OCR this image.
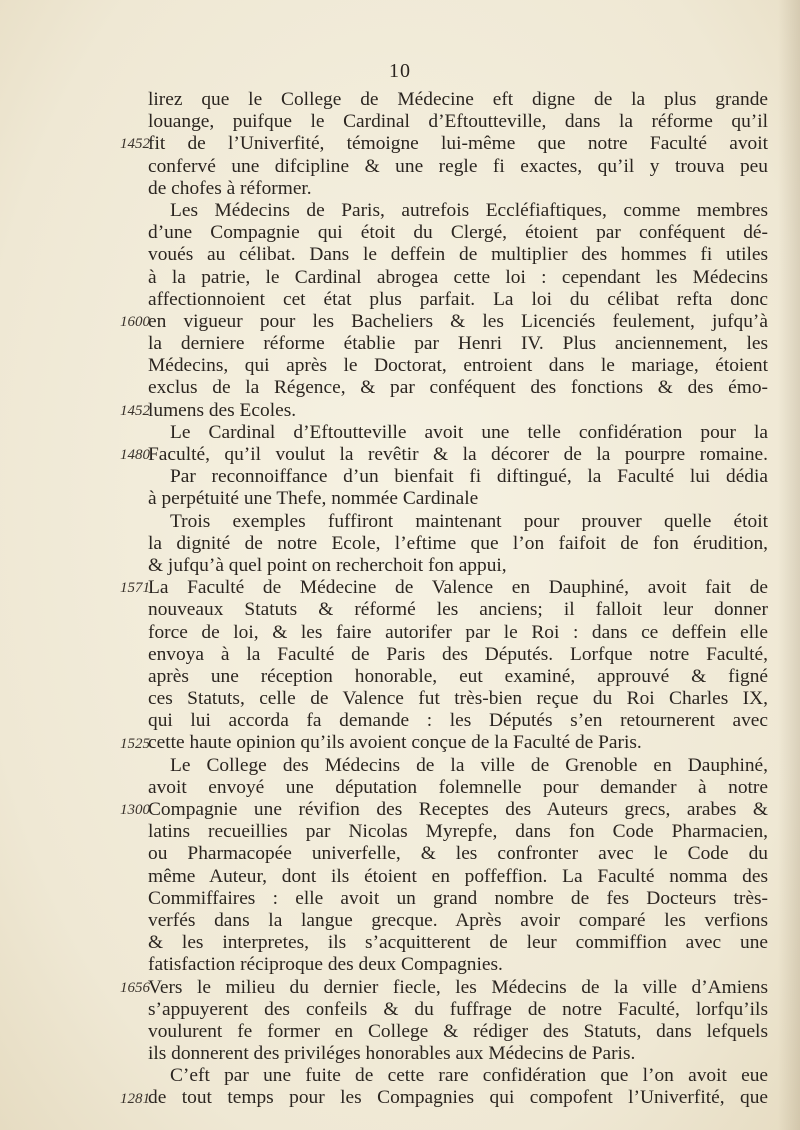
10
lirez que le College de Médecine eft digne de la plus grande
louange, puifque le Cardinal d’Eftoutteville, dans la réforme qu’il
fit de l’Univerfité, témoigne lui-même que notre Faculté avoit
confervé une difcipline & une regle fi exactes, qu’il y trouva peu
de chofes à réformer.
Les Médecins de Paris, autrefois Eccléfiaftiques, comme membres
d’une Compagnie qui étoit du Clergé, étoient par conféquent dé-
voués au célibat. Dans le deffein de multiplier des hommes fi utiles
à la patrie, le Cardinal abrogea cette loi : cependant les Médecins
affectionnoient cet état plus parfait. La loi du célibat refta donc
en vigueur pour les Bacheliers & les Licenciés feulement, jufqu’à
la derniere réforme établie par Henri IV. Plus anciennement, les
Médecins, qui après le Doctorat, entroient dans le mariage, étoient
exclus de la Régence, & par conféquent des fonctions & des émo-
lumens des Ecoles.
Le Cardinal d’Eftoutteville avoit une telle confidération pour la
Faculté, qu’il voulut la revêtir & la décorer de la pourpre romaine.
Par reconnoiffance d’un bienfait fi diftingué, la Faculté lui dédia
à perpétuité une Thefe, nommée Cardinale
Trois exemples fuffiront maintenant pour prouver quelle étoit
la dignité de notre Ecole, l’eftime que l’on faifoit de fon érudition,
& jufqu’à quel point on recherchoit fon appui,
La Faculté de Médecine de Valence en Dauphiné, avoit fait de
nouveaux Statuts & réformé les anciens; il falloit leur donner
force de loi, & les faire autorifer par le Roi : dans ce deffein elle
envoya à la Faculté de Paris des Députés. Lorfque notre Faculté,
après une réception honorable, eut examiné, approuvé & figné
ces Statuts, celle de Valence fut très-bien reçue du Roi Charles IX,
qui lui accorda fa demande : les Députés s’en retournerent avec
cette haute opinion qu’ils avoient conçue de la Faculté de Paris.
Le College des Médecins de la ville de Grenoble en Dauphiné,
avoit envoyé une députation folemnelle pour demander à notre
Compagnie une révifion des Receptes des Auteurs grecs, arabes &
latins recueillies par Nicolas Myrepfe, dans fon Code Pharmacien,
ou Pharmacopée univerfelle, & les confronter avec le Code du
même Auteur, dont ils étoient en poffeffion. La Faculté nomma des
Commiffaires : elle avoit un grand nombre de fes Docteurs très-
verfés dans la langue grecque. Après avoir comparé les verfions
& les interpretes, ils s’acquitterent de leur commiffion avec une
fatisfaction réciproque des deux Compagnies.
Vers le milieu du dernier fiecle, les Médecins de la ville d’Amiens
s’appuyerent des confeils & du fuffrage de notre Faculté, lorfqu’ils
voulurent fe former en College & rédiger des Statuts, dans lefquels
ils donnerent des priviléges honorables aux Médecins de Paris.
C’eft par une fuite de cette rare confidération que l’on avoit eue
de tout temps pour les Compagnies qui compofent l’Univerfité, que
1452
1600
1452
1480
1571
1525
1300
1656
1281
